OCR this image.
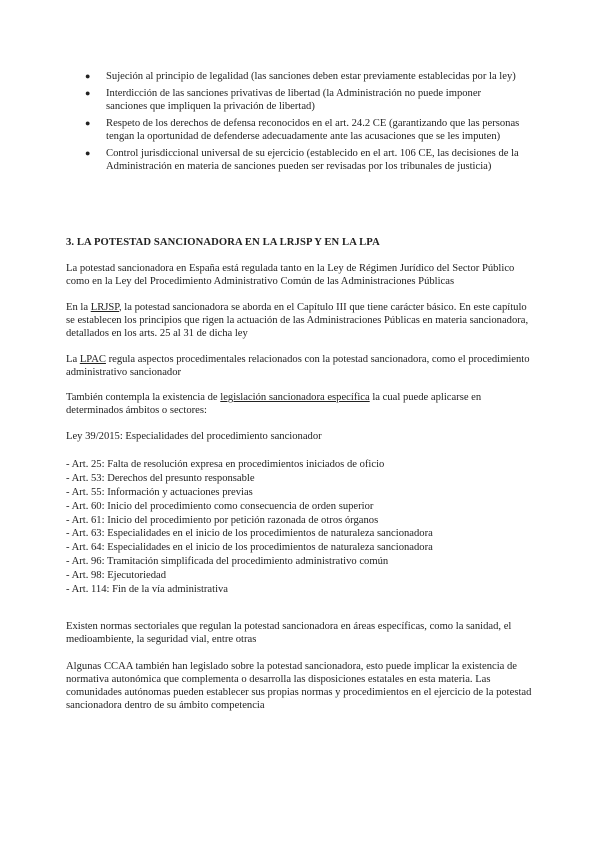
● Sujeción al principio de legalidad (las sanciones deben estar previamente establecidas por la ley)
● Interdicción de las sanciones privativas de libertad (la Administración no puede imponer sanciones que impliquen la privación de libertad)
● Respeto de los derechos de defensa reconocidos en el art. 24.2 CE (garantizando que las personas tengan la oportunidad de defenderse adecuadamente ante las acusaciones que se les imputen)
● Control jurisdiccional universal de su ejercicio (establecido en el art. 106 CE, las decisiones de la Administración en materia de sanciones pueden ser revisadas por los tribunales de justicia)

3. LA POTESTAD SANCIONADORA EN LA LRJSP Y EN LA LPA

La potestad sancionadora en España está regulada tanto en la Ley de Régimen Jurídico del Sector Público como en la Ley del Procedimiento Administrativo Común de las Administraciones Públicas

En la LRJSP, la potestad sancionadora se aborda en el Capítulo III que tiene carácter básico. En este capítulo se establecen los principios que rigen la actuación de las Administraciones Públicas en materia sancionadora, detallados en los arts. 25 al 31 de dicha ley

La LPAC regula aspectos procedimentales relacionados con la potestad sancionadora, como el procedimiento administrativo sancionador

También contempla la existencia de legislación sancionadora específica la cual puede aplicarse en determinados ámbitos o sectores:

Ley 39/2015: Especialidades del procedimiento sancionador

- Art. 25: Falta de resolución expresa en procedimientos iniciados de oficio
- Art. 53: Derechos del presunto responsable
- Art. 55: Información y actuaciones previas
- Art. 60: Inicio del procedimiento como consecuencia de orden superior
- Art. 61: Inicio del procedimiento por petición razonada de otros órganos
- Art. 63: Especialidades en el inicio de los procedimientos de naturaleza sancionadora
- Art. 64: Especialidades en el inicio de los procedimientos de naturaleza sancionadora
- Art. 96: Tramitación simplificada del procedimiento administrativo común
- Art. 98: Ejecutoriedad
- Art. 114: Fin de la vía administrativa

Existen normas sectoriales que regulan la potestad sancionadora en áreas específicas, como la sanidad, el medioambiente, la seguridad vial, entre otras

Algunas CCAA también han legislado sobre la potestad sancionadora, esto puede implicar la existencia de normativa autonómica que complementa o desarrolla las disposiciones estatales en esta materia. Las comunidades autónomas pueden establecer sus propias normas y procedimientos en el ejercicio de la potestad sancionadora dentro de su ámbito competencia
